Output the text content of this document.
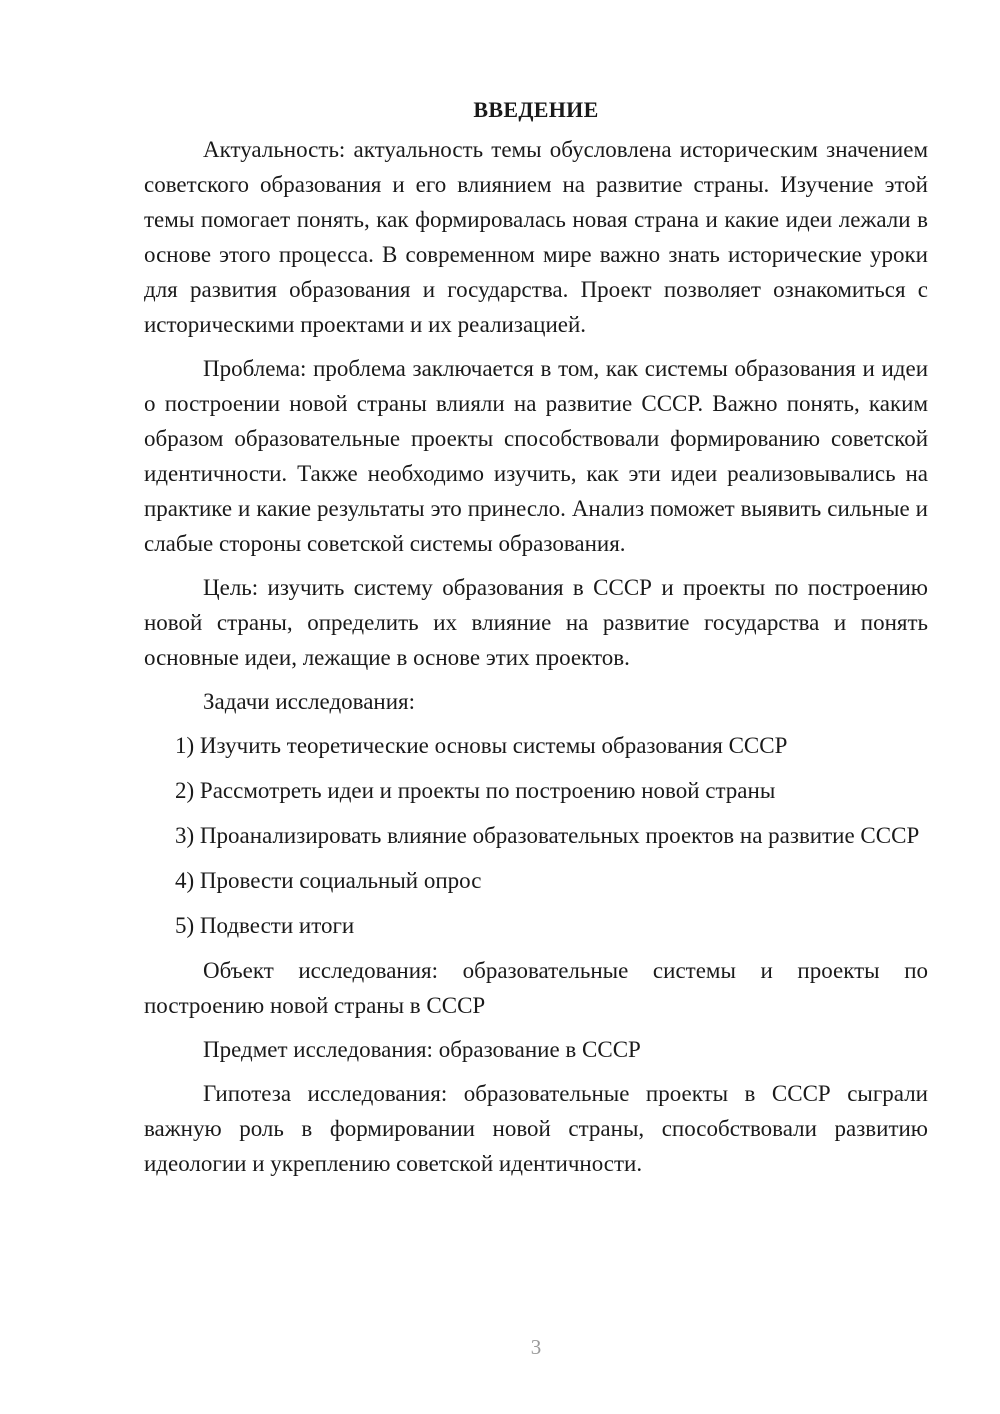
ВВЕДЕНИЕ

Актуальность: актуальность темы обусловлена историческим значением советского образования и его влиянием на развитие страны. Изучение этой темы помогает понять, как формировалась новая страна и какие идеи лежали в основе этого процесса. В современном мире важно знать исторические уроки для развития образования и государства. Проект позволяет ознакомиться с историческими проектами и их реализацией.

Проблема: проблема заключается в том, как системы образования и идеи о построении новой страны влияли на развитие СССР. Важно понять, каким образом образовательные проекты способствовали формированию советской идентичности. Также необходимо изучить, как эти идеи реализовывались на практике и какие результаты это принесло. Анализ поможет выявить сильные и слабые стороны советской системы образования.

Цель: изучить систему образования в СССР и проекты по построению новой страны, определить их влияние на развитие государства и понять основные идеи, лежащие в основе этих проектов.

Задачи исследования:

1) Изучить теоретические основы системы образования СССР

2) Рассмотреть идеи и проекты по построению новой страны

3) Проанализировать влияние образовательных проектов на развитие СССР

4) Провести социальный опрос

5) Подвести итоги

Объект исследования: образовательные системы и проекты по построению новой страны в СССР

Предмет исследования: образование в СССР

Гипотеза исследования: образовательные проекты в СССР сыграли важную роль в формировании новой страны, способствовали развитию идеологии и укреплению советской идентичности.

3
